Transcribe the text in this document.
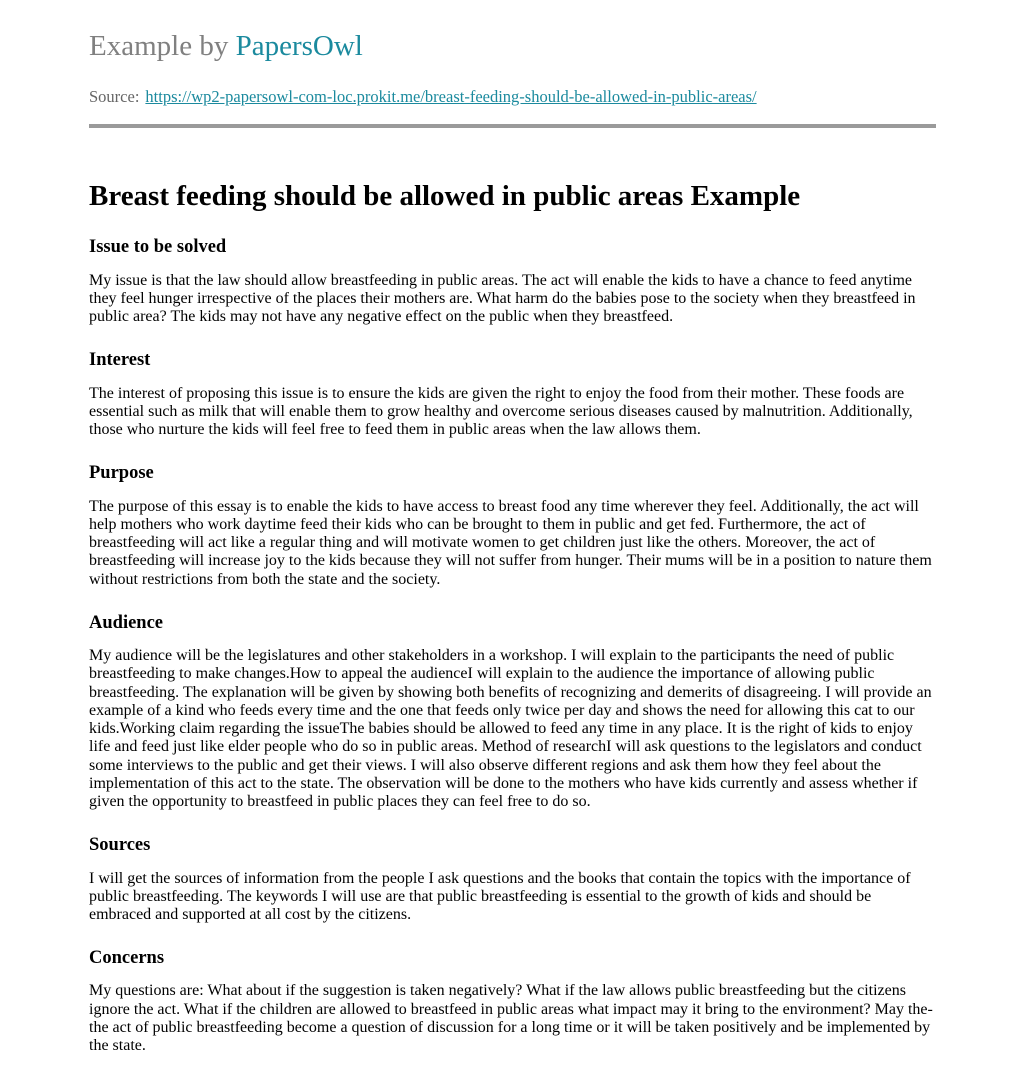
Example by PapersOwl

Source: https://wp2-papersowl-com-loc.prokit.me/breast-feeding-should-be-allowed-in-public-areas/

Breast feeding should be allowed in public areas Example
Issue to be solved

My issue is that the law should allow breastfeeding in public areas. The act will enable the kids to have a chance to feed anytime they feel hunger irrespective of the places their mothers are. What harm do the babies pose to the society when they breastfeed in public area? The kids may not have any negative effect on the public when they breastfeed.

Interest

The interest of proposing this issue is to ensure the kids are given the right to enjoy the food from their mother. These foods are essential such as milk that will enable them to grow healthy and overcome serious diseases caused by malnutrition. Additionally, those who nurture the kids will feel free to feed them in public areas when the law allows them.

Purpose

The purpose of this essay is to enable the kids to have access to breast food any time wherever they feel. Additionally, the act will help mothers who work daytime feed their kids who can be brought to them in public and get fed. Furthermore, the act of breastfeeding will act like a regular thing and will motivate women to get children just like the others. Moreover, the act of breastfeeding will increase joy to the kids because they will not suffer from hunger. Their mums will be in a position to nature them without restrictions from both the state and the society.

Audience

My audience will be the legislatures and other stakeholders in a workshop. I will explain to the participants the need of public breastfeeding to make changes.How to appeal the audienceI will explain to the audience the importance of allowing public breastfeeding. The explanation will be given by showing both benefits of recognizing and demerits of disagreeing. I will provide an example of a kind who feeds every time and the one that feeds only twice per day and shows the need for allowing this cat to our kids.Working claim regarding the issueThe babies should be allowed to feed any time in any place. It is the right of kids to enjoy life and feed just like elder people who do so in public areas. Method of researchI will ask questions to the legislators and conduct some interviews to the public and get their views. I will also observe different regions and ask them how they feel about the implementation of this act to the state. The observation will be done to the mothers who have kids currently and assess whether if given the opportunity to breastfeed in public places they can feel free to do so.

Sources

I will get the sources of information from the people I ask questions and the books that contain the topics with the importance of public breastfeeding. The keywords I will use are that public breastfeeding is essential to the growth of kids and should be embraced and supported at all cost by the citizens.

Concerns

My questions are: What about if the suggestion is taken negatively? What if the law allows public breastfeeding but the citizens ignore the act. What if the children are allowed to breastfeed in public areas what impact may it bring to the environment? May the-the act of public breastfeeding become a question of discussion for a long time or it will be taken positively and be implemented by the state.
